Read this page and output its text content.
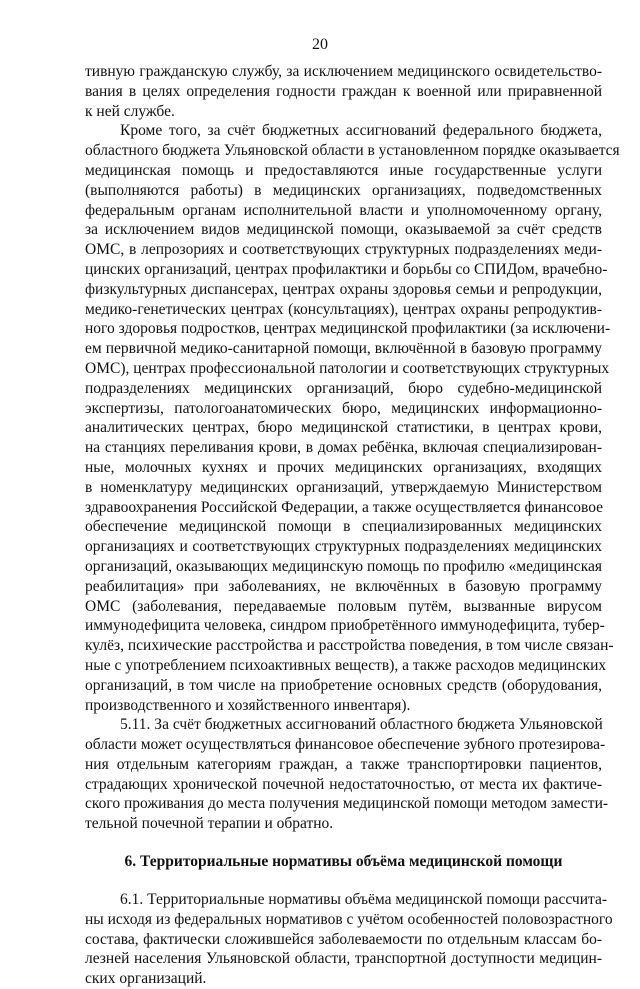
20
тивную гражданскую службу, за исключением медицинского освидетельство-
вания в целях определения годности граждан к военной или приравненной
к ней службе.
Кроме того, за счёт бюджетных ассигнований федерального бюджета,
областного бюджета Ульяновской области в установленном порядке оказывается
медицинская помощь и предоставляются иные государственные услуги
(выполняются работы) в медицинских организациях, подведомственных
федеральным органам исполнительной власти и уполномоченному органу,
за исключением видов медицинской помощи, оказываемой за счёт средств
ОМС, в лепрозориях и соответствующих структурных подразделениях меди-
цинских организаций, центрах профилактики и борьбы со СПИДом, врачебно-
физкультурных диспансерах, центрах охраны здоровья семьи и репродукции,
медико-генетических центрах (консультациях), центрах охраны репродуктив-
ного здоровья подростков, центрах медицинской профилактики (за исключени-
ем первичной медико-санитарной помощи, включённой в базовую программу
ОМС), центрах профессиональной патологии и соответствующих структурных
подразделениях медицинских организаций, бюро судебно-медицинской
экспертизы, патологоанатомических бюро, медицинских информационно-
аналитических центрах, бюро медицинской статистики, в центрах крови,
на станциях переливания крови, в домах ребёнка, включая специализирован-
ные, молочных кухнях и прочих медицинских организациях, входящих
в номенклатуру медицинских организаций, утверждаемую Министерством
здравоохранения Российской Федерации, а также осуществляется финансовое
обеспечение медицинской помощи в специализированных медицинских
организациях и соответствующих структурных подразделениях медицинских
организаций, оказывающих медицинскую помощь по профилю «медицинская
реабилитация» при заболеваниях, не включённых в базовую программу
ОМС (заболевания, передаваемые половым путём, вызванные вирусом
иммунодефицита человека, синдром приобретённого иммунодефицита, тубер-
кулёз, психические расстройства и расстройства поведения, в том числе связан-
ные с употреблением психоактивных веществ), а также расходов медицинских
организаций, в том числе на приобретение основных средств (оборудования,
производственного и хозяйственного инвентаря).
5.11. За счёт бюджетных ассигнований областного бюджета Ульяновской
области может осуществляться финансовое обеспечение зубного протезирова-
ния отдельным категориям граждан, а также транспортировки пациентов,
страдающих хронической почечной недостаточностью, от места их фактиче-
ского проживания до места получения медицинской помощи методом замести-
тельной почечной терапии и обратно.
6. Территориальные нормативы объёма медицинской помощи
6.1. Территориальные нормативы объёма медицинской помощи рассчита-
ны исходя из федеральных нормативов с учётом особенностей половозрастного
состава, фактически сложившейся заболеваемости по отдельным классам бо-
лезней населения Ульяновской области, транспортной доступности медицин-
ских организаций.
